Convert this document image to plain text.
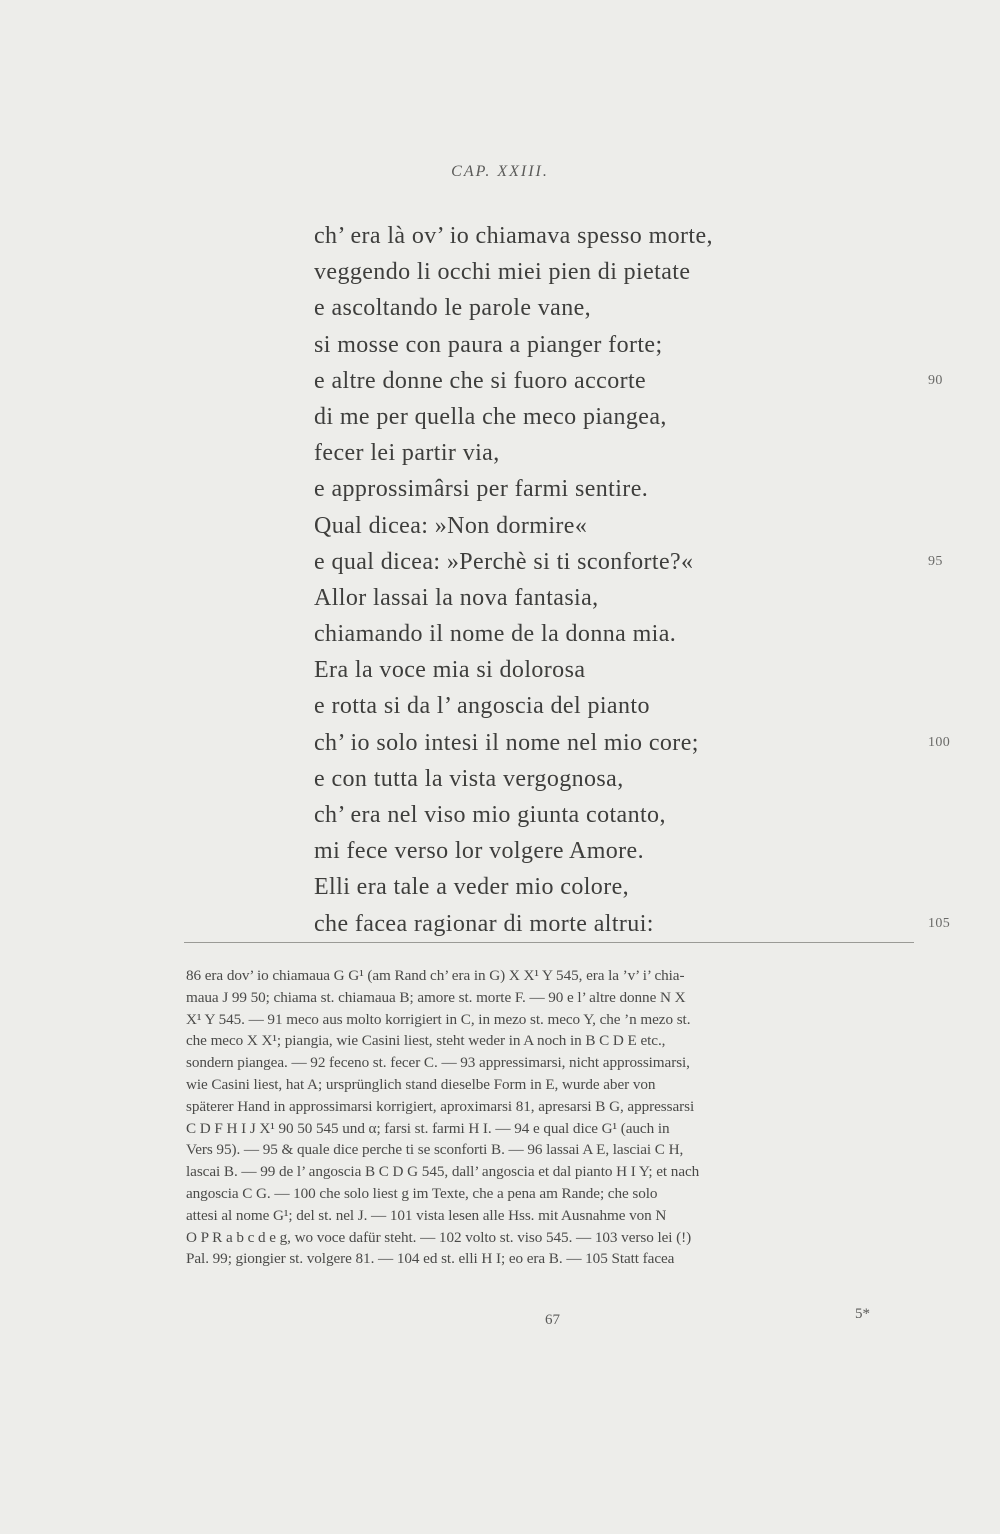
CAP. XXIII.
ch’ era là ov’ io chiamava spesso morte,
veggendo li occhi miei pien di pietate
e ascoltando le parole vane,
si mosse con paura a pianger forte;
e altre donne che si fuoro accorte	90
di me per quella che meco piangea,
fecer lei partir via,
e approssimârsi per farmi sentire.
Qual dicea: »Non dormire«
e qual dicea: »Perchè si ti sconforte?«	95
Allor lassai la nova fantasia,
chiamando il nome de la donna mia.
Era la voce mia si dolorosa
e rotta si da l’ angoscia del pianto
ch’ io solo intesi il nome nel mio core;	100
e con tutta la vista vergognosa,
ch’ era nel viso mio giunta cotanto,
mi fece verso lor volgere Amore.
Elli era tale a veder mio colore,
che facea ragionar di morte altrui:	105
86 era dov’ io chiamaua G G¹ (am Rand ch’ era in G) X X¹ Y 545, era la ’v’ i’ chia-
maua J 99 50; chiama st. chiamaua B; amore st. morte F. — 90 e l’ altre donne N X
X¹ Y 545. — 91 meco aus molto korrigiert in C, in mezo st. meco Y, che ’n mezo st.
che meco X X¹; piangia, wie Casini liest, steht weder in A noch in B C D E etc.,
sondern piangea. — 92 feceno st. fecer C. — 93 appressimarsi, nicht approssimarsi,
wie Casini liest, hat A; ursprünglich stand dieselbe Form in E, wurde aber von
späterer Hand in approssimarsi korrigiert, aproximarsi 81, apresarsi B G, appressarsi
C D F H I J X¹ 90 50 545 und α; farsi st. farmi H I. — 94 e qual dice G¹ (auch in
Vers 95). — 95 & quale dice perche ti se sconforti B. — 96 lassai A E, lasciai C H,
lascai B. — 99 de l’ angoscia B C D G 545, dall’ angoscia et dal pianto H I Y; et nach
angoscia C G. — 100 che solo liest g im Texte, che a pena am Rande; che solo
attesi al nome G¹; del st. nel J. — 101 vista lesen alle Hss. mit Ausnahme von N
O P R a b c d e g, wo voce dafür steht. — 102 volto st. viso 545. — 103 verso lei (!)
Pal. 99; giongier st. volgere 81. — 104 ed st. elli H I; eo era B. — 105 Statt facea
67	5*
